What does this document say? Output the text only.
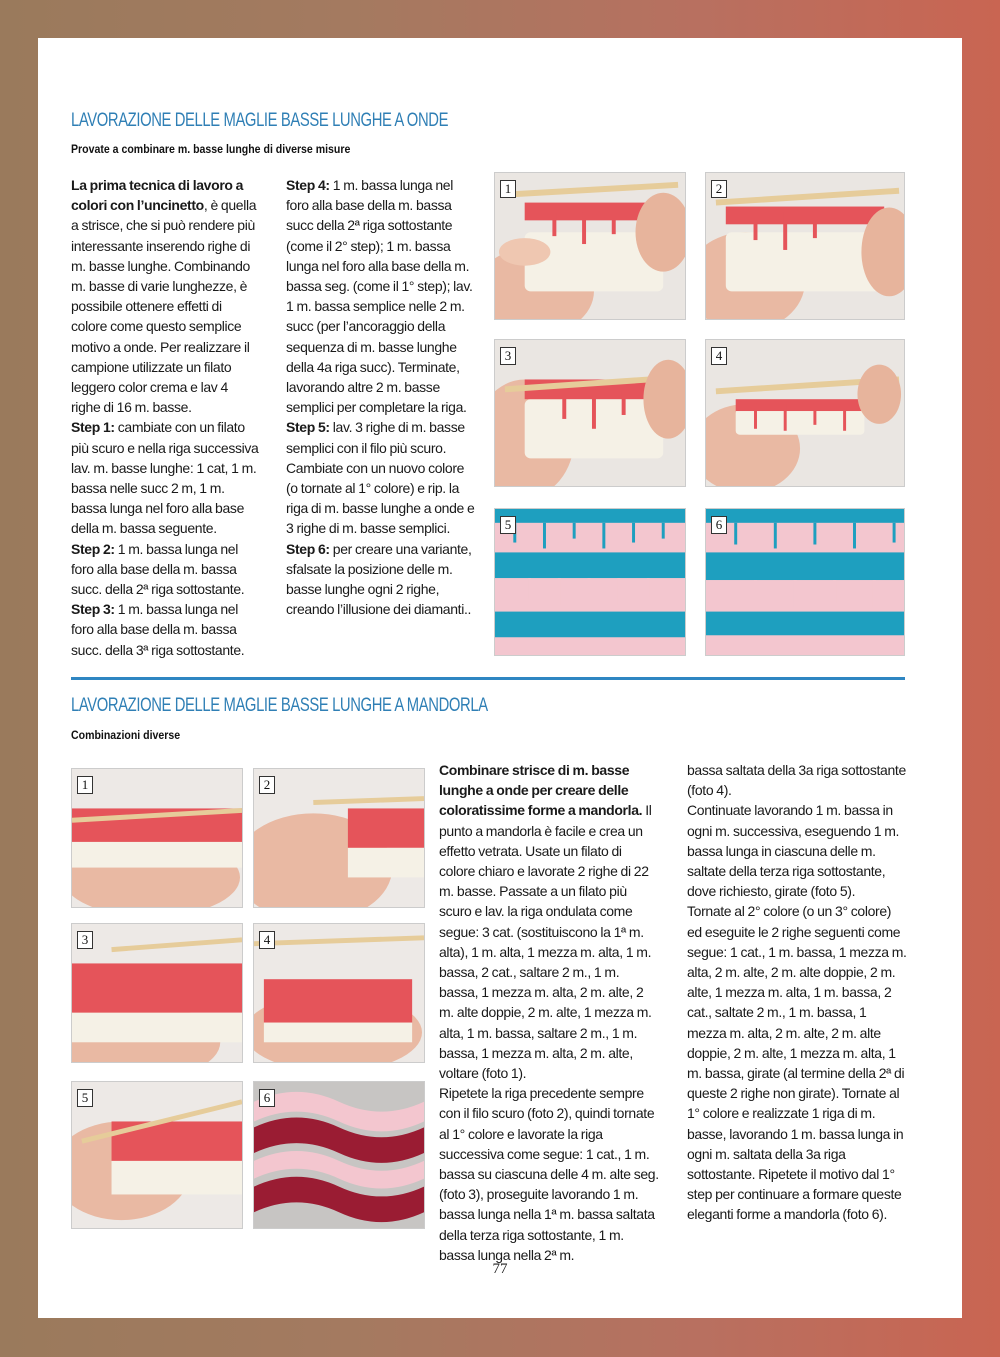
LAVORAZIONE DELLE MAGLIE BASSE LUNGHE A ONDE
Provate a combinare m. basse lunghe di diverse misure

La prima tecnica di lavoro a colori con l’uncinetto, è quella a strisce, che si può rendere più interessante inserendo righe di m. basse lunghe. Combinando m. basse di varie lunghezze, è possibile ottenere effetti di colore come questo semplice motivo a onde. Per realizzare il campione utilizzate un filato leggero color crema e lav 4 righe di 16 m. basse.

Step 1: cambiate con un filato più scuro e nella riga successiva lav. m. basse lunghe: 1 cat, 1 m. bassa nelle succ 2 m, 1 m. bassa lunga nel foro alla base della m. bassa seguente.

Step 2: 1 m. bassa lunga nel foro alla base della m. bassa succ. della 2ª riga sottostante.

Step 3: 1 m. bassa lunga nel foro alla base della m. bassa succ. della 3ª riga sottostante.

Step 4: 1 m. bassa lunga nel foro alla base della m. bassa succ della 2ª riga sottostante (come il 2° step); 1 m. bassa lunga nel foro alla base della m. bassa seg. (come il 1° step); lav. 1 m. bassa semplice nelle 2 m. succ (per l’ancoraggio della sequenza di m. basse lunghe della 4a riga succ). Terminate, lavorando altre 2 m. basse semplici per completare la riga.

Step 5: lav. 3 righe di m. basse semplici con il filo più scuro. Cambiate con un nuovo colore (o tornate al 1° colore) e rip. la riga di m. basse lunghe a onde e 3 righe di m. basse semplici.

Step 6: per creare una variante, sfalsate la posizione delle m. basse lunghe ogni 2 righe, creando l’illusione dei diamanti..

1	2
3	4
5	6
LAVORAZIONE DELLE MAGLIE BASSE LUNGHE A MANDORLA
Combinazioni diverse
1	2
3	4
5	6

Combinare strisce di m. basse lunghe a onde per creare delle coloratissime forme a mandorla. Il punto a mandorla è facile e crea un effetto vetrata. Usate un filato di colore chiaro e lavorate 2 righe di 22 m. basse. Passate a un filato più scuro e lav. la riga ondulata come segue: 3 cat. (sostituiscono la 1ª m. alta), 1 m. alta, 1 mezza m. alta, 1 m. bassa, 2 cat., saltare 2 m., 1 m. bassa, 1 mezza m. alta, 2 m. alte, 2 m. alte doppie, 2 m. alte, 1 mezza m. alta, 1 m. bassa, saltare 2 m., 1 m. bassa, 1 mezza m. alta, 2 m. alte, voltare (foto 1).

Ripetete la riga precedente sempre con il filo scuro (foto 2), quindi tornate al 1° colore e lavorate la riga successiva come segue: 1 cat., 1 m. bassa su ciascuna delle 4 m. alte seg. (foto 3), proseguite lavorando 1 m. bassa lunga nella 1ª m. bassa saltata della terza riga sottostante, 1 m. bassa lunga nella 2ª m.

bassa saltata della 3a riga sottostante (foto 4).

Continuate lavorando 1 m. bassa in ogni m. successiva, eseguendo 1 m. bassa lunga in ciascuna delle m. saltate della terza riga sottostante, dove richiesto, girate (foto 5).

Tornate al 2° colore (o un 3° colore) ed eseguite le 2 righe seguenti come segue: 1 cat., 1 m. bassa, 1 mezza m. alta, 2 m. alte, 2 m. alte doppie, 2 m. alte, 1 mezza m. alta, 1 m. bassa, 2 cat., saltate 2 m., 1 m. bassa, 1 mezza m. alta, 2 m. alte, 2 m. alte doppie, 2 m. alte, 1 mezza m. alta, 1 m. bassa, girate (al termine della 2ª di queste 2 righe non girate). Tornate al 1° colore e realizzate 1 riga di m. basse, lavorando 1 m. bassa lunga in ogni m. saltata della 3a riga sottostante. Ripetete il motivo dal 1° step per continuare a formare queste eleganti forme a mandorla (foto 6).

77
